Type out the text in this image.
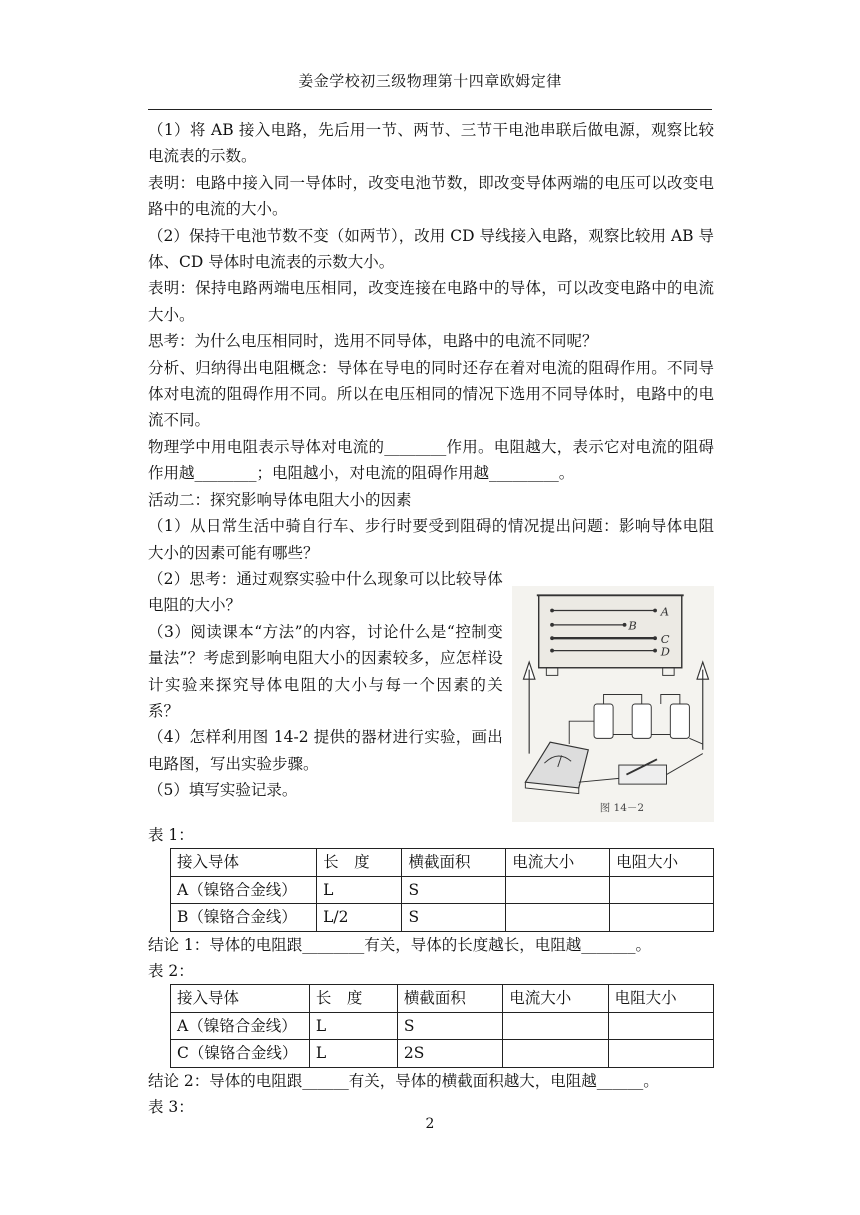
姜金学校初三级物理第十四章欧姆定律

（1）将 AB 接入电路，先后用一节、两节、三节干电池串联后做电源，观察比较电流表的示数。

表明：电路中接入同一导体时，改变电池节数，即改变导体两端的电压可以改变电路中的电流的大小。

（2）保持干电池节数不变（如两节），改用 CD 导线接入电路，观察比较用 AB 导体、CD 导体时电流表的示数大小。

表明：保持电路两端电压相同，改变连接在电路中的导体，可以改变电路中的电流大小。

思考：为什么电压相同时，选用不同导体，电路中的电流不同呢？

分析、归纳得出电阻概念：导体在导电的同时还存在着对电流的阻碍作用。不同导体对电流的阻碍作用不同。所以在电压相同的情况下选用不同导体时，电路中的电流不同。

物理学中用电阻表示导体对电流的________作用。电阻越大，表示它对电流的阻碍作用越________；电阻越小，对电流的阻碍作用越_________。

活动二：探究影响导体电阻大小的因素

（1）从日常生活中骑自行车、步行时要受到阻碍的情况提出问题：影响导体电阻大小的因素可能有哪些？

（2）思考：通过观察实验中什么现象可以比较导体电阻的大小？

（3）阅读课本“方法”的内容，讨论什么是“控制变量法”？考虑到影响电阻大小的因素较多，应怎样设计实验来探究导体电阻的大小与每一个因素的关系？

（4）怎样利用图 14-2 提供的器材进行实验，画出电路图，写出实验步骤。

（5）填写实验记录。

A
B
C
D
图 14－2

表 1：

接入导体	长　度	横截面积	电流大小	电阻大小
A（镍铬合金线）	L	S		
B（镍铬合金线）	L/2	S		

结论 1：导体的电阻跟________有关，导体的长度越长，电阻越_______。

表 2：

接入导体	长　度	横截面积	电流大小	电阻大小
A（镍铬合金线）	L	S		
C（镍铬合金线）	L	2S		

结论 2：导体的电阻跟______有关，导体的横截面积越大，电阻越______。

表 3：

2
